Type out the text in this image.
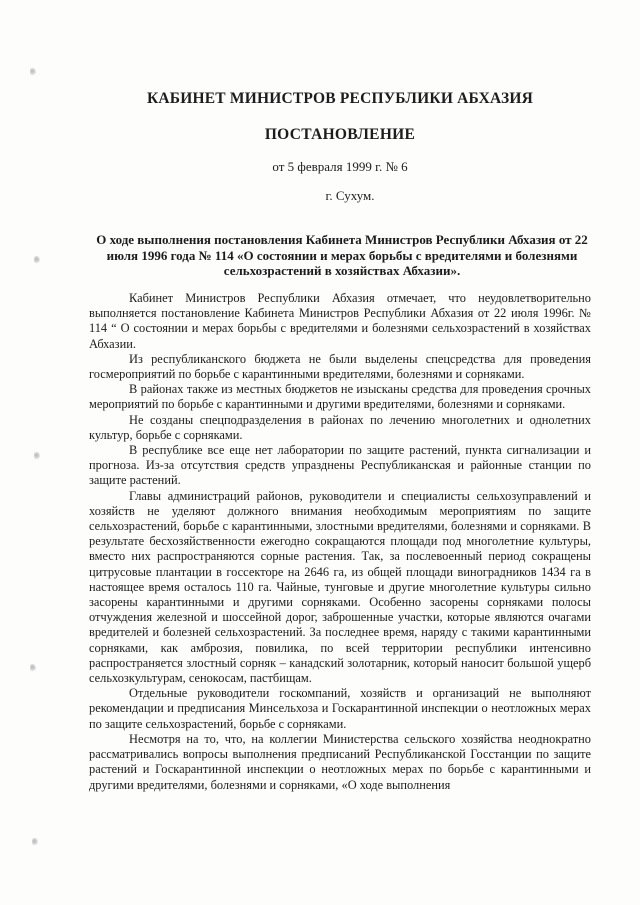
КАБИНЕТ МИНИСТРОВ РЕСПУБЛИКИ АБХАЗИЯ
ПОСТАНОВЛЕНИЕ

от 5 февраля 1999 г. № 6

г. Сухум.

О ходе выполнения постановления Кабинета Министров Республики Абхазия от 22 июля 1996 года № 114 «О состоянии и мерах борьбы с вредителями и болезнями сельхозрастений в хозяйствах Абхазии».

Кабинет Министров Республики Абхазия отмечает, что неудовлетворительно выполняется постановление Кабинета Министров Республики Абхазия от 22 июля 1996г. № 114 “ О состоянии и мерах борьбы с вредителями и болезнями сельхозрастений в хозяйствах Абхазии.

Из республиканского бюджета не были выделены спецсредства для проведения госмероприятий по борьбе с карантинными вредителями, болезнями и сорняками.

В районах также из местных бюджетов не изысканы средства для проведения срочных мероприятий по борьбе с карантинными и другими вредителями, болезнями и сорняками.

Не созданы спецподразделения в районах по лечению многолетних и однолетних культур, борьбе с сорняками.

В республике все еще нет лаборатории по защите растений, пункта сигнализации и прогноза. Из-за отсутствия средств упразднены Республиканская и районные станции по защите растений.

Главы администраций районов, руководители и специалисты сельхозуправлений и хозяйств не уделяют должного внимания необходимым мероприятиям по защите сельхозрастений, борьбе с карантинными, злостными вредителями, болезнями и сорняками. В результате бесхозяйственности ежегодно сокращаются площади под многолетние культуры, вместо них распространяются сорные растения. Так, за послевоенный период сокращены цитрусовые плантации в госсекторе на 2646 га, из общей площади виноградников 1434 га в настоящее время осталось 110 га. Чайные, тунговые и другие многолетние культуры сильно засорены карантинными и другими сорняками. Особенно засорены сорняками полосы отчуждения железной и шоссейной дорог, заброшенные участки, которые являются очагами вредителей и болезней сельхозрастений. За последнее время, наряду с такими карантинными сорняками, как амброзия, повилика, по всей территории республики интенсивно распространяется злостный сорняк – канадский золотарник, который наносит большой ущерб сельхозкультурам, сенокосам, пастбищам.

Отдельные руководители госкомпаний, хозяйств и организаций не выполняют рекомендации и предписания Минсельхоза и Госкарантинной инспекции о неотложных мерах по защите сельхозрастений, борьбе с сорняками.

Несмотря на то, что, на коллегии Министерства сельского хозяйства неоднократно рассматривались вопросы выполнения предписаний Республиканской Госстанции по защите растений и Госкарантинной инспекции о неотложных мерах по борьбе с карантинными и другими вредителями, болезнями и сорняками, «О ходе выполнения
